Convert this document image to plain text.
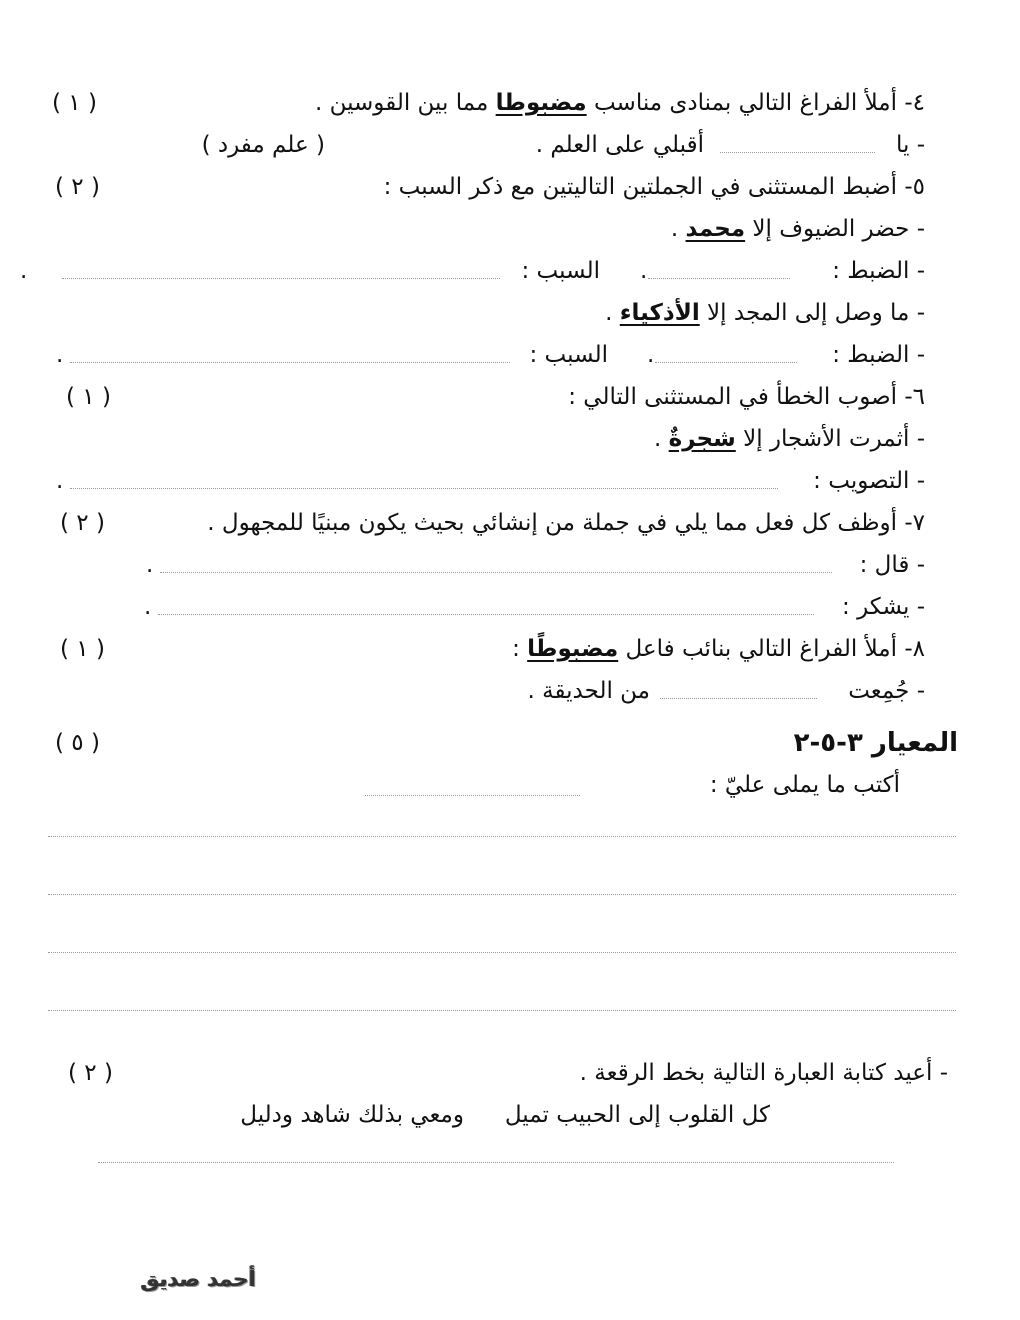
٤- أملأ الفراغ التالي بمنادى مناسب مضبوطا مما بين القوسين .
( ١ )
- يا
أقبلي على العلم .
( علم مفرد )
٥- أضبط المستثنى في الجملتين التاليتين مع ذكر السبب :
( ٢ )
- حضر الضيوف إلا محمد .
- الضبط :
.
السبب :
.
- ما وصل إلى المجد إلا الأذكياء .
- الضبط :
.
السبب :
.
٦- أصوب الخطأ في المستثنى التالي :
( ١ )
- أثمرت الأشجار إلا شجرةٌ .
- التصويب :
.
٧- أوظف كل فعل مما يلي في جملة من إنشائي بحيث يكون مبنيًا للمجهول .
( ٢ )
- قال :
.
- يشكر :
.
٨- أملأ الفراغ التالي بنائب فاعل مضبوطًا :
( ١ )
- جُمِعت
من الحديقة .
المعيار ٣-٥-٢
( ٥ )
أكتب ما يملى عليّ :
- أعيد كتابة العبارة التالية بخط الرقعة .
( ٢ )
كل القلوب إلى الحبيب تميل
ومعي بذلك شاهد ودليل
أحمد صديق
